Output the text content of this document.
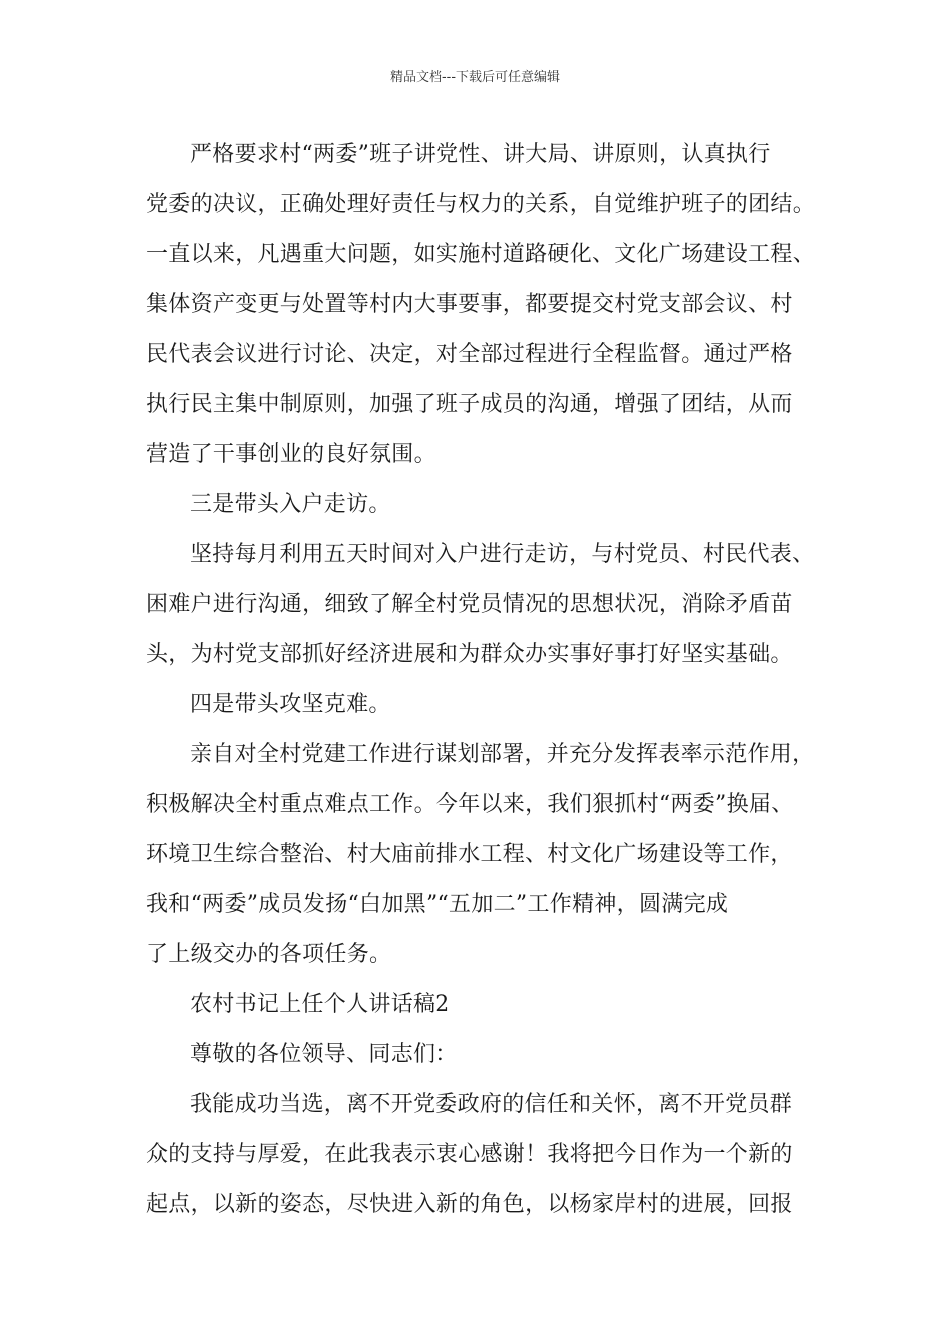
精品文档---下载后可任意编辑
严格要求村“两委”班子讲党性、讲大局、讲原则，认真执行
党委的决议，正确处理好责任与权力的关系，自觉维护班子的团结。
一直以来，凡遇重大问题，如实施村道路硬化、文化广场建设工程、
集体资产变更与处置等村内大事要事，都要提交村党支部会议、村
民代表会议进行讨论、决定，对全部过程进行全程监督。通过严格
执行民主集中制原则，加强了班子成员的沟通，增强了团结，从而
营造了干事创业的良好氛围。
三是带头入户走访。
坚持每月利用五天时间对入户进行走访，与村党员、村民代表、
困难户进行沟通，细致了解全村党员情况的思想状况，消除矛盾苗
头，为村党支部抓好经济进展和为群众办实事好事打好坚实基础。
四是带头攻坚克难。
亲自对全村党建工作进行谋划部署，并充分发挥表率示范作用，
积极解决全村重点难点工作。今年以来，我们狠抓村“两委”换届、
环境卫生综合整治、村大庙前排水工程、村文化广场建设等工作，
我和“两委”成员发扬“白加黑”“五加二”工作精神，圆满完成
了上级交办的各项任务。
农村书记上任个人讲话稿2
尊敬的各位领导、同志们：
我能成功当选，离不开党委政府的信任和关怀，离不开党员群
众的支持与厚爱，在此我表示衷心感谢！我将把今日作为一个新的
起点，以新的姿态，尽快进入新的角色，以杨家岸村的进展，回报
